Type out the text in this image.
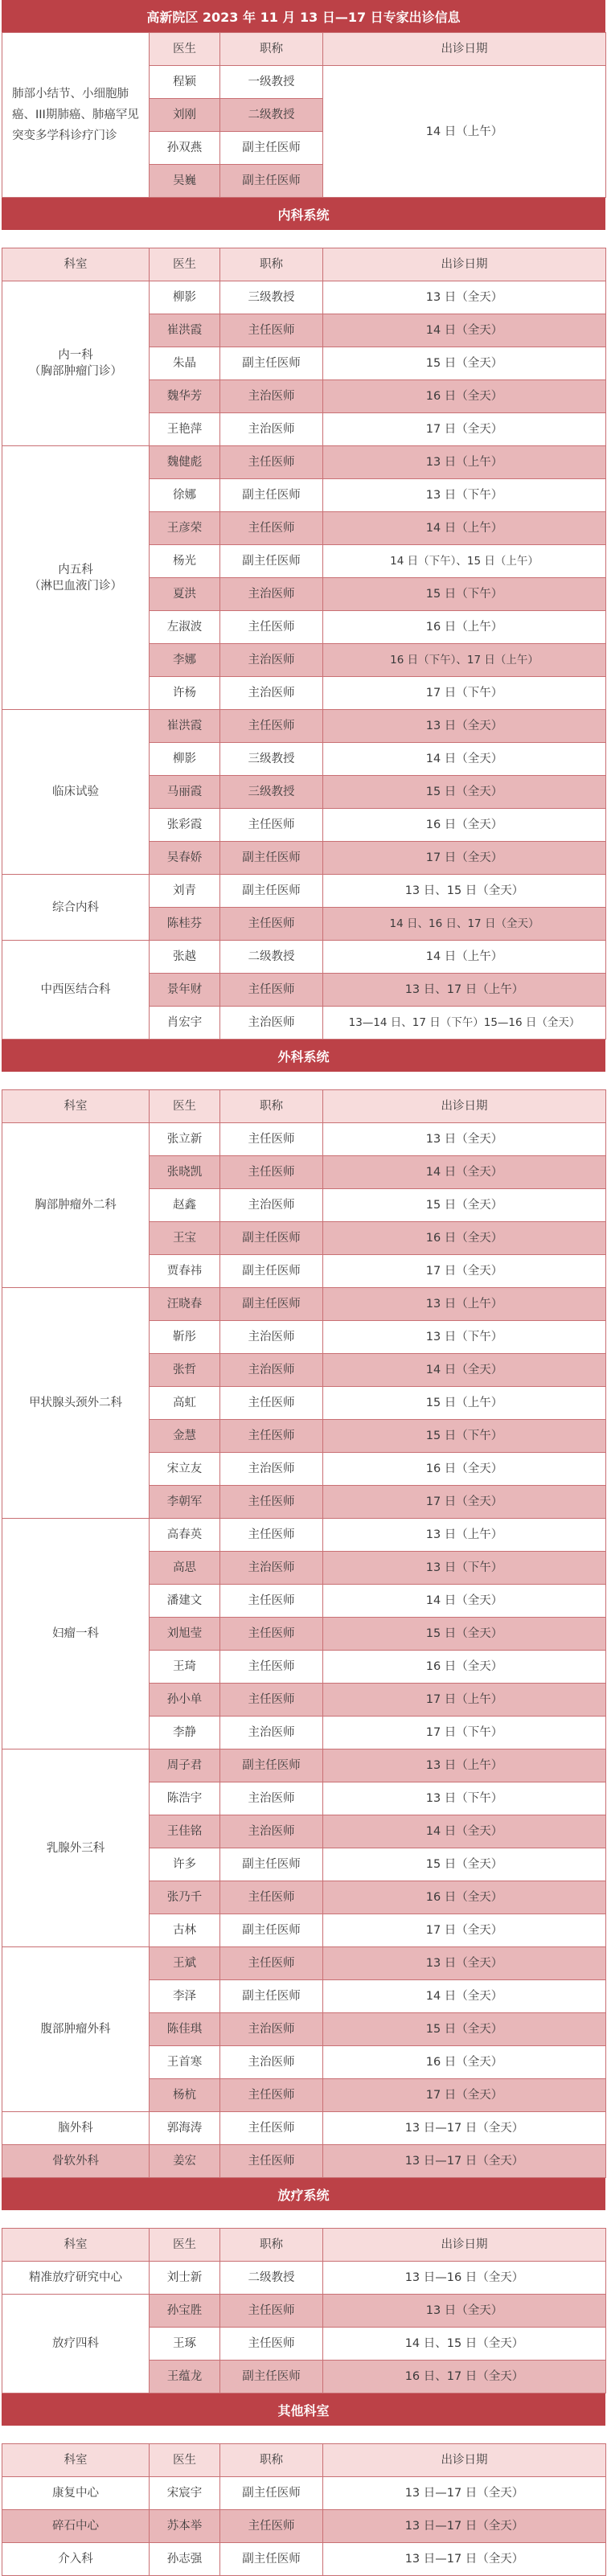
高新院区 2023 年 11 月 13 日—17 日专家出诊信息
肺部小结节、小细胞肺癌、III期肺癌、肺癌罕见突变多学科诊疗门诊	医生	职称	出诊日期
	程颖	一级教授	14 日（上午）
	刘刚	二级教授	
	孙双燕	副主任医师	
	吴巍	副主任医师	
内科系统
科室	医生	职称	出诊日期
内一科
（胸部肿瘤门诊）	柳影	三级教授	13 日（全天）
	崔洪霞	主任医师	14 日（全天）
	朱晶	副主任医师	15 日（全天）
	魏华芳	主治医师	16 日（全天）
	王艳萍	主治医师	17 日（全天）
内五科
（淋巴血液门诊）	魏健彪	主任医师	13 日（上午）
	徐娜	副主任医师	13 日（下午）
	王彦荣	主任医师	14 日（上午）
	杨光	副主任医师	14 日（下午）、15 日（上午）
	夏洪	主治医师	15 日（下午）
	左淑波	主任医师	16 日（上午）
	李娜	主治医师	16 日（下午）、17 日（上午）
	许杨	主治医师	17 日（下午）
临床试验	崔洪霞	主任医师	13 日（全天）
	柳影	三级教授	14 日（全天）
	马丽霞	三级教授	15 日（全天）
	张彩霞	主任医师	16 日（全天）
	吴春娇	副主任医师	17 日（全天）
综合内科	刘青	副主任医师	13 日、15 日（全天）
	陈桂芬	主任医师	14 日、16 日、17 日（全天）
中西医结合科	张越	二级教授	14 日（上午）
	景年财	主任医师	13 日、17 日（上午）
	肖宏宇	主治医师	13—14 日、17 日（下午）15—16 日（全天）
外科系统
科室	医生	职称	出诊日期
胸部肿瘤外二科	张立新	主任医师	13 日（全天）
	张晓凯	主任医师	14 日（全天）
	赵鑫	主治医师	15 日（全天）
	王宝	副主任医师	16 日（全天）
	贾春祎	副主任医师	17 日（全天）
甲状腺头颈外二科	汪晓春	副主任医师	13 日（上午）
	靳彤	主治医师	13 日（下午）
	张哲	主治医师	14 日（全天）
	高虹	主任医师	15 日（上午）
	金慧	主任医师	15 日（下午）
	宋立友	主治医师	16 日（全天）
	李朝军	主任医师	17 日（全天）
妇瘤一科	高春英	主任医师	13 日（上午）
	高思	主治医师	13 日（下午）
	潘建文	主任医师	14 日（全天）
	刘旭莹	主任医师	15 日（全天）
	王琦	主任医师	16 日（全天）
	孙小单	主任医师	17 日（上午）
	李静	主治医师	17 日（下午）
乳腺外三科	周子君	副主任医师	13 日（上午）
	陈浩宇	主治医师	13 日（下午）
	王佳铭	主治医师	14 日（全天）
	许多	副主任医师	15 日（全天）
	张乃千	主任医师	16 日（全天）
	古林	副主任医师	17 日（全天）
腹部肿瘤外科	王斌	主任医师	13 日（全天）
	李泽	副主任医师	14 日（全天）
	陈佳琪	主治医师	15 日（全天）
	王首寒	主治医师	16 日（全天）
	杨杭	主任医师	17 日（全天）
脑外科	郭海涛	主任医师	13 日—17 日（全天）
骨软外科	姜宏	主任医师	13 日—17 日（全天）
放疗系统
科室	医生	职称	出诊日期
精准放疗研究中心	刘士新	二级教授	13 日—16 日（全天）
放疗四科	孙宝胜	主任医师	13 日（全天）
	王琢	主任医师	14 日、15 日（全天）
	王蕴龙	副主任医师	16 日、17 日（全天）
其他科室
科室	医生	职称	出诊日期
康复中心	宋宸宇	副主任医师	13 日—17 日（全天）
碎石中心	苏本举	主任医师	13 日—17 日（全天）
介入科	孙志强	副主任医师	13 日—17 日（全天）
